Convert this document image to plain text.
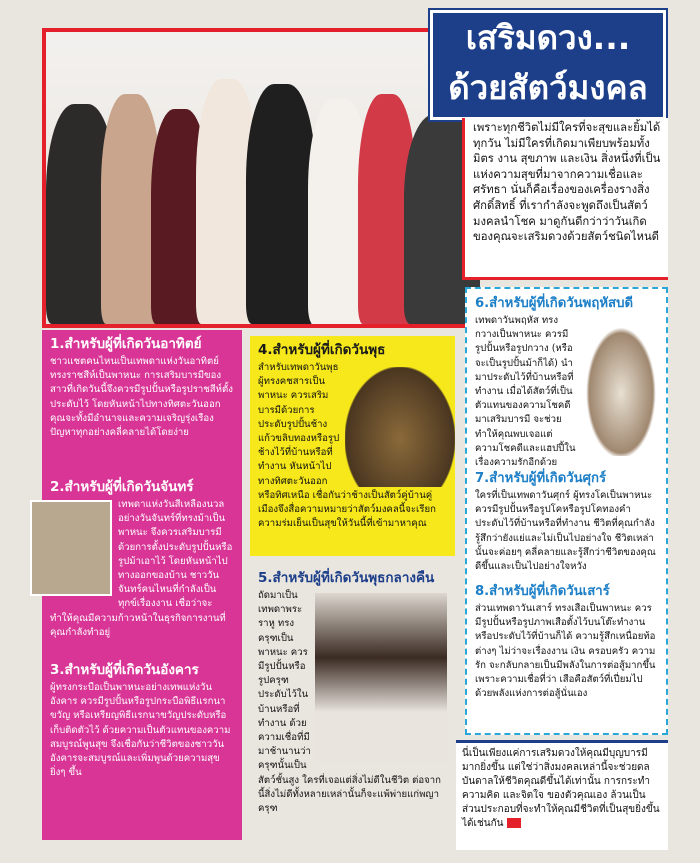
เสริมดวง...
ด้วยสัตว์มงคล
เพราะทุกชีวิตไม่มีใครที่จะสุขและยิ้มได้ทุกวัน ไม่มีใครที่เกิดมาเพียบพร้อมทั้งมิตร งาน สุขภาพ และเงิน สิ่งหนึ่งที่เป็นแห่งความสุขที่มาจากความเชื่อและศรัทธา นั่นก็คือเรื่องของเครื่องรางสิ่งศักดิ์สิทธิ์ ที่เรากำลังจะพูดถึงเป็นสัตว์มงคลนำโชค มาดูกันดีกว่าว่าวันเกิดของคุณจะเสริมดวงด้วยสัตว์ชนิดไหนดี
1.สำหรับผู้ที่เกิดวันอาทิตย์
ชาวแชตคนไหนเป็นเทพดาแห่งวันอาทิตย์ ทรงราชสีห์เป็นพาหนะ การเสริมบารมีของสาวที่เกิดวันนี้จึงควรมีรูปปั้นหรือรูปราชสีห์ตั้งประดับไว้ โดยหันหน้าไปทางทิศตะวันออก คุณจะทั้งมีอำนาจและความเจริญรุ่งเรือง ปัญหาทุกอย่างคลี่คลายได้โดยง่าย
2.สำหรับผู้ที่เกิดวันจันทร์
เทพดาแห่งวันสีเหลืองนวลอย่างวันจันทร์ที่ทรงม้าเป็นพาหนะ จึงควรเสริมบารมีด้วยการตั้งประดับรูปปั้นหรือรูปม้าเอาไว้ โดยหันหน้าไปทางออกของบ้าน ชาววันจันทร์คนไหนที่กำลังเป็นทุกข์เรื่องงาน เชื่อว่าจะทำให้คุณมีความก้าวหน้าในธุรกิจการงานที่คุณกำลังทำอยู่
3.สำหรับผู้ที่เกิดวันอังคาร
ผู้ทรงกระบือเป็นพาหนะอย่างเทพแห่งวันอังคาร ควรมีรูปปั้นหรือรูปกระบือพิธีแรกนาขวัญ หรือเหรียญพิธีแรกนาขวัญประดับหรือเก็บติดตัวไว้ ด้วยความเป็นตัวแทนของความสมบูรณ์พูนสุข จึงเชื่อกันว่าชีวิตของชาววันอังคารจะสมบูรณ์และเพิ่มพูนด้วยความสุขยิ่งๆ ขึ้น
4.สำหรับผู้ที่เกิดวันพุธ
สำหรับเทพดาวันพุธ ผู้ทรงคชสารเป็นพาหนะ ควรเสริมบารมีด้วยการประดับรูปปั้นช้างแก้วขลิบทองหรือรูปช้างไว้ที่บ้านหรือที่ทำงาน หันหน้าไปทางทิศตะวันออกหรือทิศเหนือ เชื่อกันว่าช้างเป็นสัตว์คู่บ้านคู่เมืองจึงสื่อความหมายว่าสัตว์มงคลนี้จะเรียกความร่มเย็นเป็นสุขให้วันนี้ที่เข้ามาหาคุณ
5.สำหรับผู้ที่เกิดวันพุธกลางคืน
ถัดมาเป็นเทพดาพระราหู ทรงครุฑเป็นพาหนะ ควรมีรูปปั้นหรือรูปครุฑประดับไว้ในบ้านหรือที่ทำงาน ด้วยความเชื่อที่มีมาช้านานว่าครุฑนั้นเป็นสัตว์ชั้นสูง ใครที่เจอแต่สิ่งไม่ดีในชีวิต ต่อจากนี้สิ่งไม่ดีทั้งหลายเหล่านั้นก็จะแพ้พ่ายแก่พญาครุฑ
6.สำหรับผู้ที่เกิดวันพฤหัสบดี
เทพดาวันพฤหัส ทรงกวางเป็นพาหนะ ควรมีรูปปั้นหรือรูปกวาง (หรือจะเป็นรูปปั้นม้าก็ได้) นำมาประดับไว้ที่บ้านหรือที่ทำงาน เมื่อได้สัตว์ที่เป็นตัวแทนของความโชคดีมาเสริมบารมี จะช่วยทำให้คุณพบเจอแต่ความโชคดีและแฮปปี้ในเรื่องความรักอีกด้วย
7.สำหรับผู้ที่เกิดวันศุกร์
ใครที่เป็นเทพดาวันศุกร์ ผู้ทรงโคเป็นพาหนะ ควรมีรูปปั้นหรือรูปโคหรือรูปโคทองคำประดับไว้ที่บ้านหรือที่ทำงาน ชีวิตที่คุณกำลังรู้สึกว่ายังแย่และไม่เป็นไปอย่างใจ ชีวิตเหล่านั้นจะค่อยๆ คลี่คลายและรู้สึกว่าชีวิตของคุณดีขึ้นและเป็นไปอย่างใจหวัง
8.สำหรับผู้ที่เกิดวันเสาร์
ส่วนเทพดาวันเสาร์ ทรงเสือเป็นพาหนะ ควรมีรูปปั้นหรือรูปภาพเสือตั้งไว้บนโต๊ะทำงานหรือประดับไว้ที่บ้านก็ได้ ความรู้สึกเหนื่อยท้อต่างๆ ไม่ว่าจะเรื่องงาน เงิน ครอบครัว ความรัก จะกลับกลายเป็นมีพลังในการต่อสู้มากขึ้น เพราะความเชื่อที่ว่า เสือคือสัตว์ที่เปี่ยมไปด้วยพลังแห่งการต่อสู้นั่นเอง
นี่เป็นเพียงแค่การเสริมดวงให้คุณมีบุญบารมีมากยิ่งขึ้น แต่ใช่ว่าสิ่งมงคลเหล่านี้จะช่วยดลบันดาลให้ชีวิตคุณดีขึ้นได้เท่านั้น การกระทำ ความคิด และจิตใจ ของตัวคุณเอง ล้วนเป็นส่วนประกอบที่จะทำให้คุณมีชีวิตที่เป็นสุขยิ่งขึ้นได้เช่นกัน
